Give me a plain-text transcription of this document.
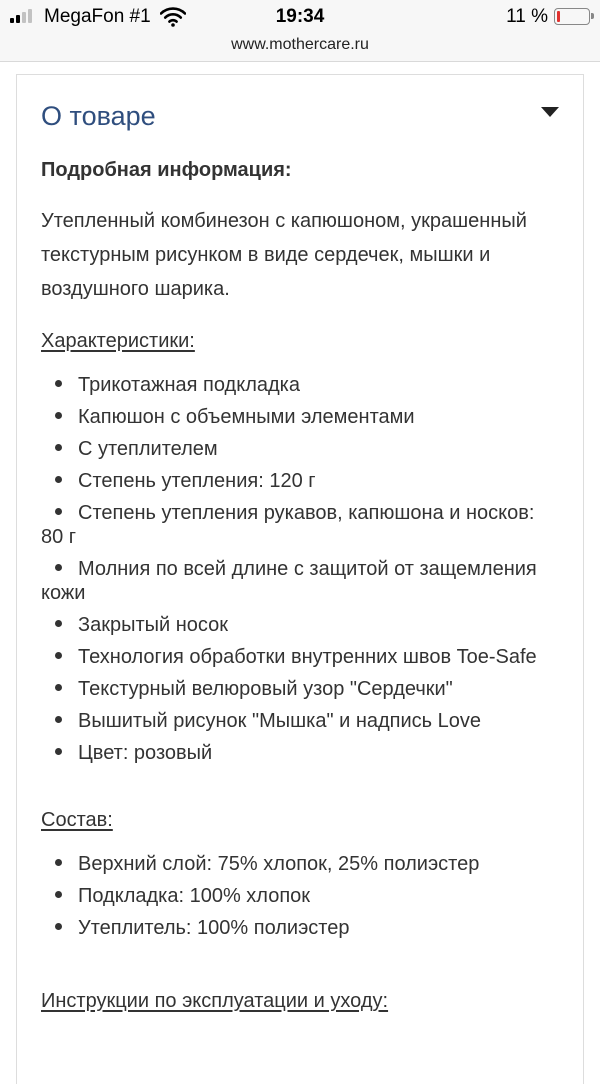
MegaFon #1	19:34	11 %
www.mothercare.ru
О товаре
Подробная информация:
Утепленный комбинезон с капюшоном, украшенный текстурным рисунком в виде сердечек, мышки и воздушного шарика.
Характеристики:
Трикотажная подкладка
Капюшон с объемными элементами
С утеплителем
Степень утепления: 120 г
Степень утепления рукавов, капюшона и носков: 80 г
Молния по всей длине с защитой от защемления кожи
Закрытый носок
Технология обработки внутренних швов Toe-Safe
Текстурный велюровый узор "Сердечки"
Вышитый рисунок "Мышка" и надпись Love
Цвет: розовый
Состав:
Верхний слой: 75% хлопок, 25% полиэстер
Подкладка: 100% хлопок
Утеплитель: 100% полиэстер
Инструкции по эксплуатации и уходу:
